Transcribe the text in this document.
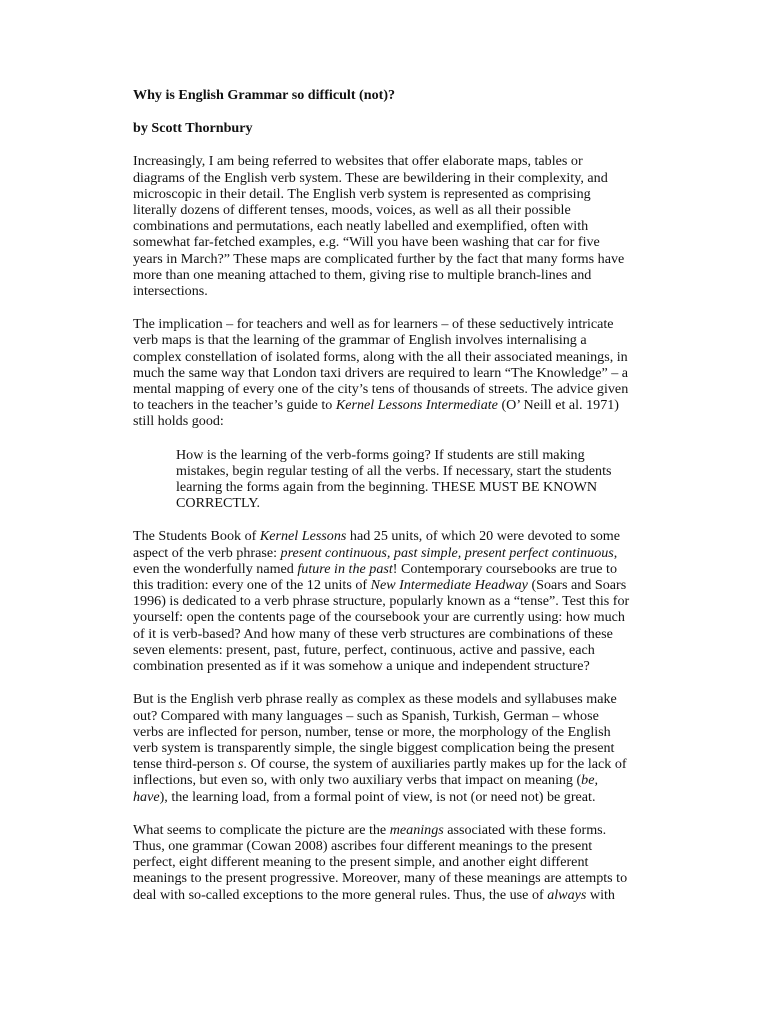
Why is English Grammar so difficult (not)?

by Scott Thornbury

Increasingly, I am being referred to websites that offer elaborate maps, tables or
diagrams of the English verb system. These are bewildering in their complexity, and
microscopic in their detail. The English verb system is represented as comprising
literally dozens of different tenses, moods, voices, as well as all their possible
combinations and permutations, each neatly labelled and exemplified, often with
somewhat far-fetched examples, e.g. “Will you have been washing that car for five
years in March?” These maps are complicated further by the fact that many forms have
more than one meaning attached to them, giving rise to multiple branch-lines and
intersections.

The implication – for teachers and well as for learners – of these seductively intricate
verb maps is that the learning of the grammar of English involves internalising a
complex constellation of isolated forms, along with the all their associated meanings, in
much the same way that London taxi drivers are required to learn “The Knowledge” – a
mental mapping of every one of the city’s tens of thousands of streets. The advice given
to teachers in the teacher’s guide to Kernel Lessons Intermediate (O’ Neill et al. 1971)
still holds good:

How is the learning of the verb-forms going? If students are still making
mistakes, begin regular testing of all the verbs. If necessary, start the students
learning the forms again from the beginning. THESE MUST BE KNOWN
CORRECTLY.

The Students Book of Kernel Lessons had 25 units, of which 20 were devoted to some
aspect of the verb phrase: present continuous, past simple, present perfect continuous,
even the wonderfully named future in the past! Contemporary coursebooks are true to
this tradition: every one of the 12 units of New Intermediate Headway (Soars and Soars
1996) is dedicated to a verb phrase structure, popularly known as a “tense”. Test this for
yourself: open the contents page of the coursebook your are currently using: how much
of it is verb-based? And how many of these verb structures are combinations of these
seven elements: present, past, future, perfect, continuous, active and passive, each
combination presented as if it was somehow a unique and independent structure?

But is the English verb phrase really as complex as these models and syllabuses make
out? Compared with many languages – such as Spanish, Turkish, German – whose
verbs are inflected for person, number, tense or more, the morphology of the English
verb system is transparently simple, the single biggest complication being the present
tense third-person s. Of course, the system of auxiliaries partly makes up for the lack of
inflections, but even so, with only two auxiliary verbs that impact on meaning (be,
have), the learning load, from a formal point of view, is not (or need not) be great.

What seems to complicate the picture are the meanings associated with these forms.
Thus, one grammar (Cowan 2008) ascribes four different meanings to the present
perfect, eight different meaning to the present simple, and another eight different
meanings to the present progressive. Moreover, many of these meanings are attempts to
deal with so-called exceptions to the more general rules. Thus, the use of always with
